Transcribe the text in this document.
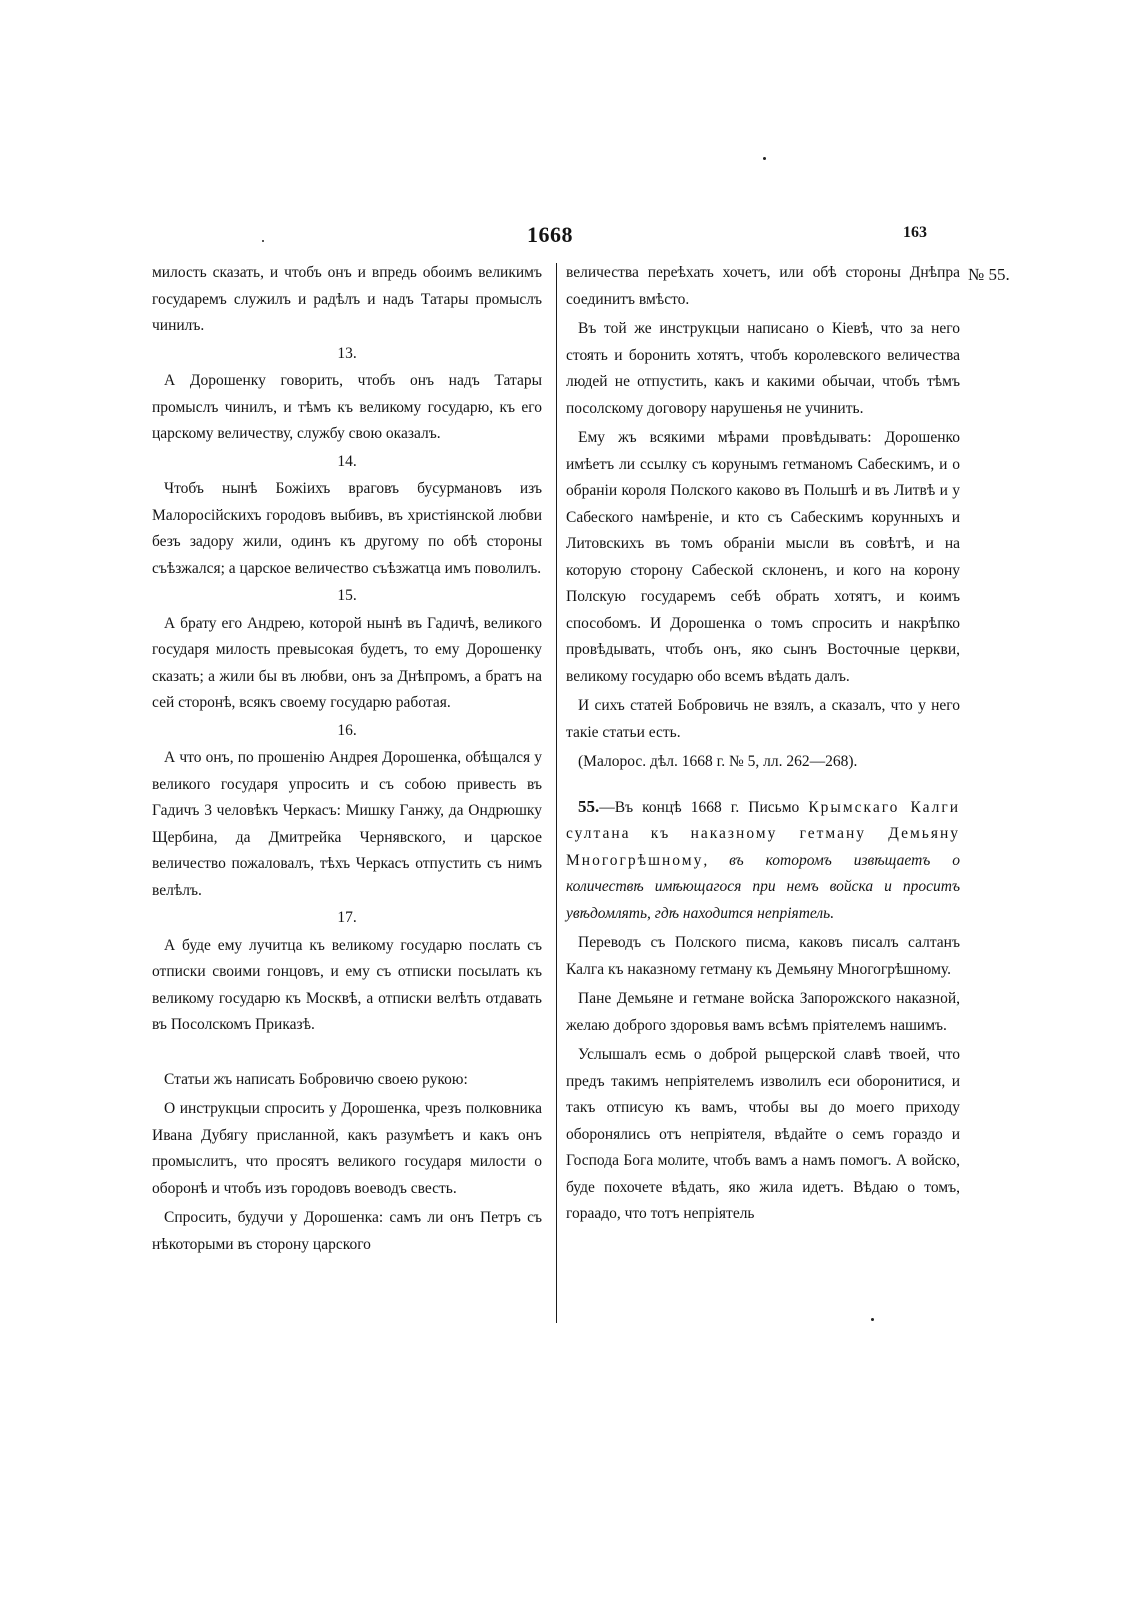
1668	163
№ 55.

милость сказать, и чтобъ онъ и впредь обоимъ великимъ государемъ служилъ и радѣлъ и надъ Татары промыслъ чинилъ.

13.

А Дорошенку говорить, чтобъ онъ надъ Татары промыслъ чинилъ, и тѣмъ къ великому государю, къ его царскому величеству, службу свою оказалъ.

14.

Чтобъ нынѣ Божіихъ враговъ бусурмановъ изъ Малоросійскихъ городовъ выбивъ, въ христіянской любви безъ задору жили, одинъ къ другому по обѣ стороны съѣзжался; а царское величество съѣзжатца имъ поволилъ.

15.

А брату его Андрею, которой нынѣ въ Гадичѣ, великого государя милость превысокая будетъ, то ему Дорошенку сказать; а жили бы въ любви, онъ за Днѣпромъ, а братъ на сей сторонѣ, всякъ своему государю работая.

16.

А что онъ, по прошенію Андрея Дорошенка, обѣщался у великого государя упросить и съ собою привесть въ Гадичъ 3 человѣкъ Черкасъ: Мишку Ганжу, да Ондрюшку Щербина, да Дмитрейка Чернявского, и царское величество пожаловалъ, тѣхъ Черкасъ отпустить съ нимъ велѣлъ.

17.

А буде ему лучитца къ великому государю послать съ отписки своими гонцовъ, и ему съ отписки посылать къ великому государю къ Москвѣ, а отписки велѣть отдавать въ Посолскомъ Приказѣ.

Статьи жъ написать Бобровичю своею рукою:

О инструкцыи спросить у Дорошенка, чрезъ полковника Ивана Дубягу присланной, какъ разумѣетъ и какъ онъ промыслитъ, что просятъ великого государя милости о оборонѣ и чтобъ изъ городовъ воеводъ свесть.

Спросить, будучи у Дорошенка: самъ ли онъ Петръ съ нѣкоторыми въ сторону царского

величества переѣхать хочетъ, или обѣ стороны Днѣпра соединитъ вмѣсто.

Въ той же инструкцыи написано о Кіевѣ, что за него стоять и боронить хотятъ, чтобъ королевского величества людей не отпустить, какъ и какими обычаи, чтобъ тѣмъ посолскому договору нарушенья не учинить.

Ему жъ всякими мѣрами провѣдывать: Дорошенко имѣетъ ли ссылку съ корунымъ гетманомъ Сабескимъ, и о обраніи короля Полского каково въ Польшѣ и въ Литвѣ и у Сабеского намѣреніе, и кто съ Сабескимъ корунныхъ и Литовскихъ въ томъ обраніи мысли въ совѣтѣ, и на которую сторону Сабеской склоненъ, и кого на корону Полскую государемъ себѣ обрать хотятъ, и коимъ способомъ. И Дорошенка о томъ спросить и накрѣпко провѣдывать, чтобъ онъ, яко сынъ Восточные церкви, великому государю обо всемъ вѣдать далъ.

И сихъ статей Бобровичь не взялъ, а сказалъ, что у него такіе статьи есть.

(Малорос. дѣл. 1668 г. № 5, лл. 262—268).

55.—Въ концѣ 1668 г. Письмо Крымскаго Калги султана къ наказному гетману Демьяну Многогрѣшному, въ которомъ извѣщаетъ о количествѣ имѣющагося при немъ войска и проситъ увѣдомлять, гдѣ находится непріятель.

Переводъ съ Полского писма, каковъ писалъ салтанъ Калга къ наказному гетману къ Демьяну Многогрѣшному.

Пане Демьяне и гетмане войска Запорожского наказной, желаю доброго здоровья вамъ всѣмъ пріятелемъ нашимъ.

Услышалъ есмь о доброй рыцерской славѣ твоей, что предъ такимъ непріятелемъ изволилъ еси оборонитися, и такъ отписую къ вамъ, чтобы вы до моего приходу оборонялись отъ непріятеля, вѣдайте о семъ гораздо и Господа Бога молите, чтобъ вамъ а намъ помогъ. А войско, буде похочете вѣдать, яко жила идетъ. Вѣдаю о томъ, гораадо, что тотъ непріятель
